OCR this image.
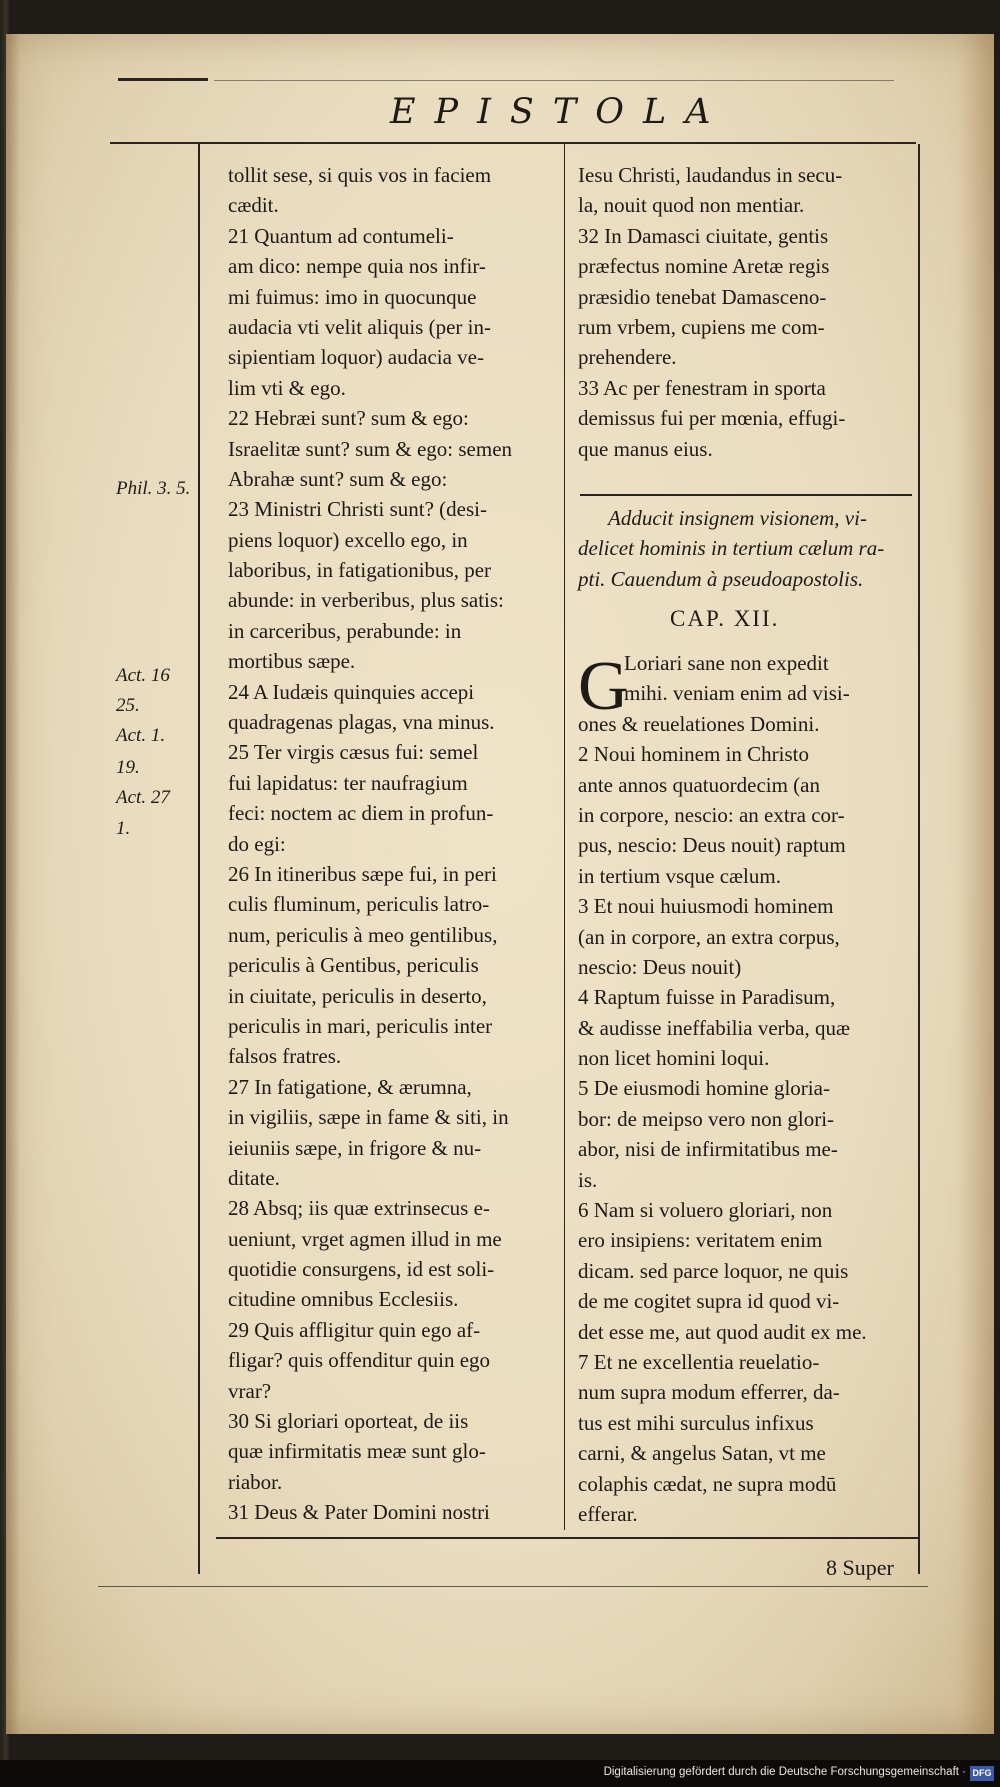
EPISTOLA
tollit sese, si quis vos in faciem
cædit.
21 Quantum ad contumeli-
am dico: nempe quia nos infir-
mi fuimus: imo in quocunque
audacia vti velit aliquis (per in-
sipientiam loquor) audacia ve-
lim vti & ego.
22 Hebræi sunt? sum & ego:
Israelitæ sunt? sum & ego: semen
Abrahæ sunt? sum & ego:
23 Ministri Christi sunt? (desi-
piens loquor) excello ego, in
laboribus, in fatigationibus, per
abunde: in verberibus, plus satis:
in carceribus, perabunde: in
mortibus sæpe.
24 A Iudæis quinquies accepi
quadragenas plagas, vna minus.
25 Ter virgis cæsus fui: semel
fui lapidatus: ter naufragium
feci: noctem ac diem in profun-
do egi:
26 In itineribus sæpe fui, in peri
culis fluminum, periculis latro-
num, periculis à meo gentilibus,
periculis à Gentibus, periculis
in ciuitate, periculis in deserto,
periculis in mari, periculis inter
falsos fratres.
27 In fatigatione, & ærumna,
in vigiliis, sæpe in fame & siti, in
ieiuniis sæpe, in frigore & nu-
ditate.
28 Absq; iis quæ extrinsecus e-
ueniunt, vrget agmen illud in me
quotidie consurgens, id est soli-
citudine omnibus Ecclesiis.
29 Quis affligitur quin ego af-
fligar? quis offenditur quin ego
vrar?
30 Si gloriari oporteat, de iis
quæ infirmitatis meæ sunt glo-
riabor.
31 Deus & Pater Domini nostri
Iesu Christi, laudandus in secu-
la, nouit quod non mentiar.
32 In Damasci ciuitate, gentis
præfectus nomine Aretæ regis
præsidio tenebat Damasceno-
rum vrbem, cupiens me com-
prehendere.
33 Ac per fenestram in sporta
demissus fui per mœnia, effugi-
que manus eius.
Adducit insignem visionem, vi-
delicet hominis in tertium cælum ra-
pti. Cauendum à pseudoapostolis.
CAP. XII.
G
Loriari sane non expedit
mihi. veniam enim ad visi-
ones & reuelationes Domini.
2 Noui hominem in Christo
ante annos quatuordecim (an
in corpore, nescio: an extra cor-
pus, nescio: Deus nouit) raptum
in tertium vsque cælum.
3 Et noui huiusmodi hominem
(an in corpore, an extra corpus,
nescio: Deus nouit)
4 Raptum fuisse in Paradisum,
& audisse ineffabilia verba, quæ
non licet homini loqui.
5 De eiusmodi homine gloria-
bor: de meipso vero non glori-
abor, nisi de infirmitatibus me-
is.
6 Nam si voluero gloriari, non
ero insipiens: veritatem enim
dicam. sed parce loquor, ne quis
de me cogitet supra id quod vi-
det esse me, aut quod audit ex me.
7 Et ne excellentia reuelatio-
num supra modum efferrer, da-
tus est mihi surculus infixus
carni, & angelus Satan, vt me
colaphis cædat, ne supra modū
efferar.
Phil. 3. 5.
Act. 16
25.
Act. 1.
19.
Act. 27
1.
8 Super
Digitalisierung gefördert durch die Deutsche Forschungsgemeinschaft · DFG
